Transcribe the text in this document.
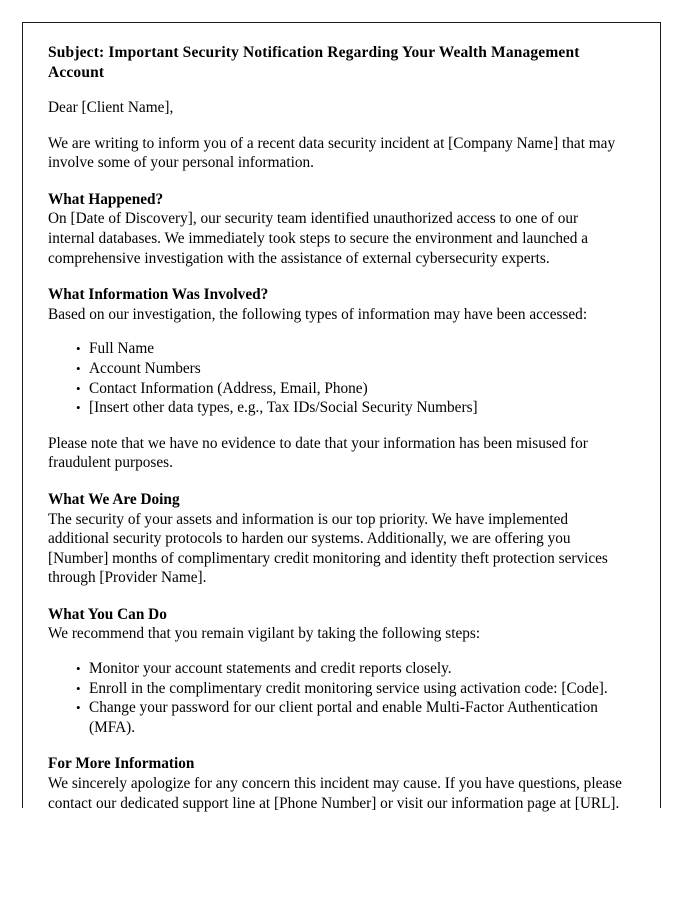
Subject: Important Security Notification Regarding Your Wealth Management Account

Dear [Client Name],

We are writing to inform you of a recent data security incident at [Company Name] that may involve some of your personal information.

What Happened?

On [Date of Discovery], our security team identified unauthorized access to one of our internal databases. We immediately took steps to secure the environment and launched a comprehensive investigation with the assistance of external cybersecurity experts.

What Information Was Involved?

Based on our investigation, the following types of information may have been accessed:

• Full Name
• Account Numbers
• Contact Information (Address, Email, Phone)
• [Insert other data types, e.g., Tax IDs/Social Security Numbers]

Please note that we have no evidence to date that your information has been misused for fraudulent purposes.

What We Are Doing

The security of your assets and information is our top priority. We have implemented additional security protocols to harden our systems. Additionally, we are offering you [Number] months of complimentary credit monitoring and identity theft protection services through [Provider Name].

What You Can Do

We recommend that you remain vigilant by taking the following steps:

• Monitor your account statements and credit reports closely.
• Enroll in the complimentary credit monitoring service using activation code: [Code].
• Change your password for our client portal and enable Multi-Factor Authentication (MFA).
For More Information

We sincerely apologize for any concern this incident may cause. If you have questions, please contact our dedicated support line at [Phone Number] or visit our information page at [URL].
